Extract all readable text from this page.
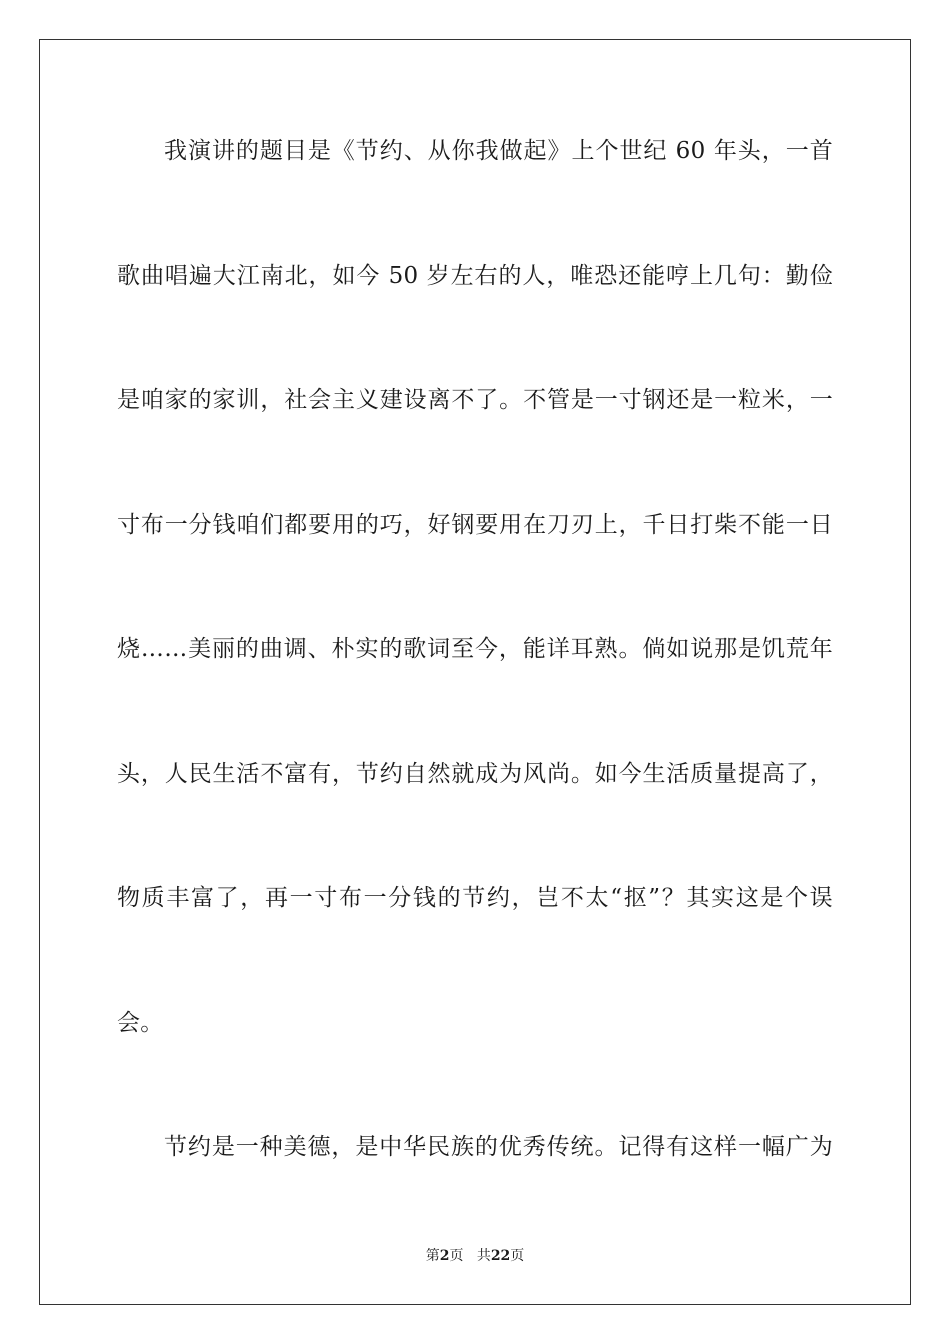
我演讲的题目是《节约、从你我做起》上个世纪 60 年头，一首
歌曲唱遍大江南北，如今 50 岁左右的人，唯恐还能哼上几句：勤俭
是咱家的家训，社会主义建设离不了。不管是一寸钢还是一粒米，一
寸布一分钱咱们都要用的巧，好钢要用在刀刃上，千日打柴不能一日
烧……美丽的曲调、朴实的歌词至今，能详耳熟。倘如说那是饥荒年
头，人民生活不富有，节约自然就成为风尚。如今生活质量提高了，
物质丰富了，再一寸布一分钱的节约，岂不太“抠”？其实这是个误
会。
节约是一种美德，是中华民族的优秀传统。记得有这样一幅广为
第2页 共22页
